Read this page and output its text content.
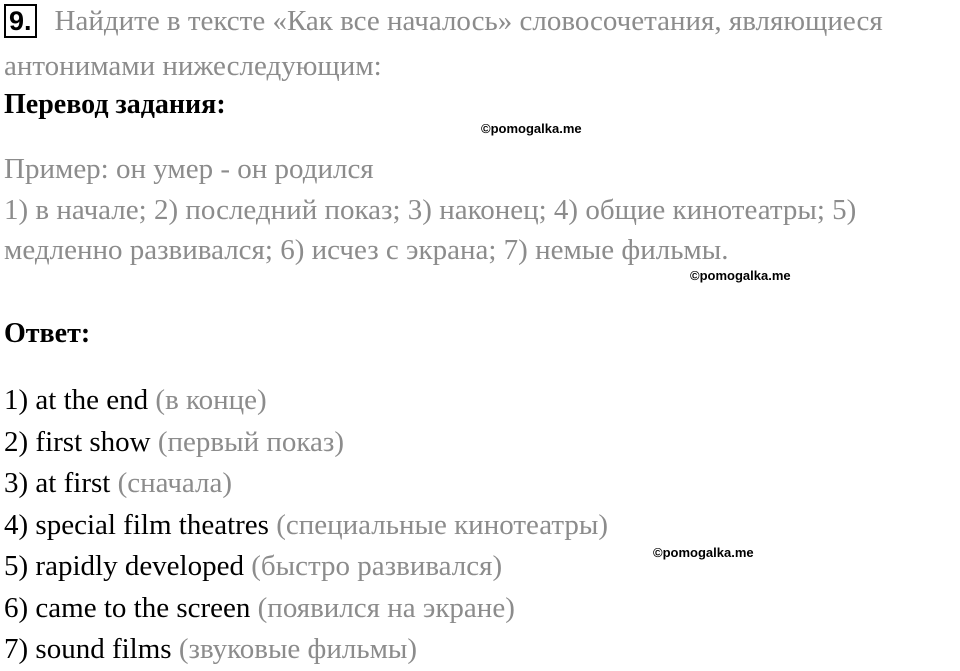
9. Найдите в тексте «Как все началось» словосочетания, являющиеся
антонимами нижеследующим:
Перевод задания:
©pomogalka.me
Пример: он умер - он родился
1) в начале; 2) последний показ; 3) наконец; 4) общие кинотеатры; 5)
медленно развивался; 6) исчез с экрана; 7) немые фильмы.
©pomogalka.me
Ответ:
1) at the end (в конце)
2) first show (первый показ)
3) at first (сначала)
4) special film theatres (специальные кинотеатры)
5) rapidly developed (быстро развивался)
6) came to the screen (появился на экране)
7) sound films (звуковые фильмы)
©pomogalka.me
